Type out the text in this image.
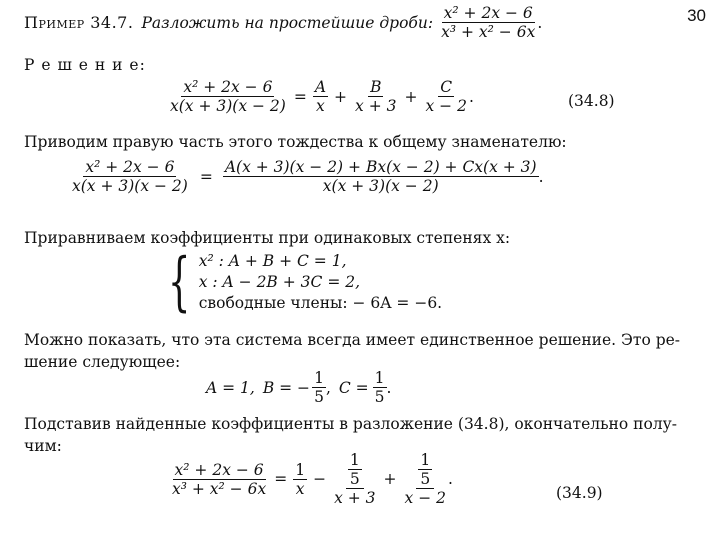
30
Пример 34.7. Разложить на простейшие дроби: $\frac{\text{x² + 2x − 6}}{\text{x³ + x² − 6x}}$ .
Р е ш е н и е:
$\frac{\text{x² + 2x − 6}}{x(x + 3)(x - 2)} = \frac{A}{x} + \frac{B}{x + 3} + \frac{C}{x - 2}$ .	(34.8)
Приводим правую часть этого тождества к общему знаменателю:
$\frac{\text{x² + 2x − 6}}{x(x + 3)(x - 2)} = \frac{A(x + 3)(x - 2) + Bx(x - 2) + Cx(x + 3)}{x(x + 3)(x - 2)}$ .
Приравниваем коэффициенты при одинаковых степенях x:
{ x² : A + B + C = 1,
x : A − 2B + 3C = 2,
свободные члены: − 6A = −6.
Можно показать, что эта система всегда имеет единственное решение. Это ре-
шение следующее:
A = 1, B = − $\frac{1}{5}$ , $C = \frac{1}{5}$ .
Подставив найденные коэффициенты в разложение (34.8), окончательно полу-
чим:
$\frac{\text{x² + 2x − 6}}{\text{x³ + x² − 6x}} = \frac{1}{x} - \frac{\frac{1}{5}}{x + 3} + \frac{\frac{1}{5}}{x - 2}$ .
(34.9)
